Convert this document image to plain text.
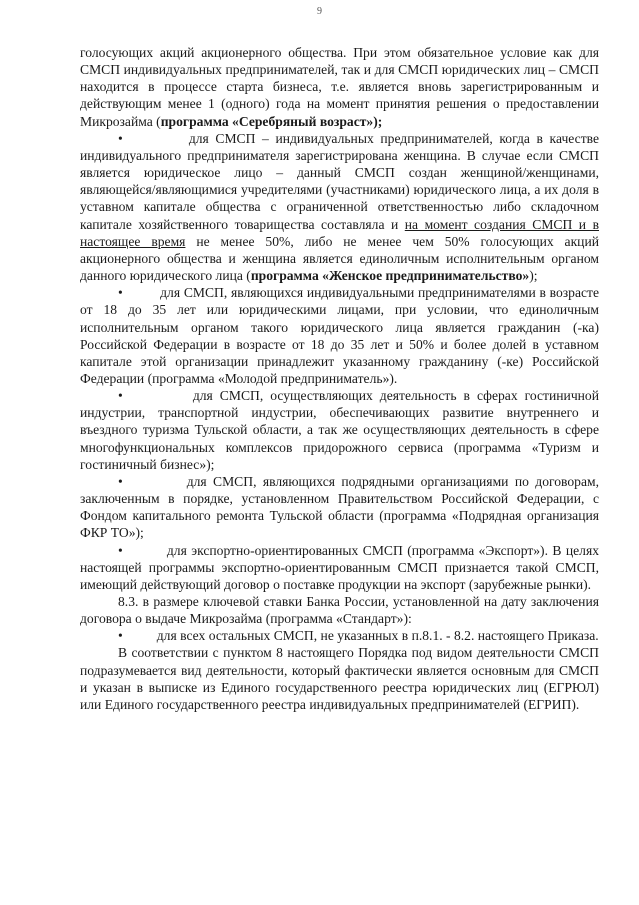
9

голосующих акций акционерного общества. При этом обязательное условие как для СМСП индивидуальных предпринимателей, так и для СМСП юридических лиц – СМСП находится в процессе старта бизнеса, т.е. является вновь зарегистрированным и действующим менее 1 (одного) года на момент принятия решения о предоставлении Микрозайма (программа «Серебряный возраст»);

•	для СМСП – индивидуальных предпринимателей, когда в качестве индивидуального предпринимателя зарегистрирована женщина. В случае если СМСП является юридическое лицо – данный СМСП создан женщиной/женщинами, являющейся/являющимися учредителями (участниками) юридического лица, а их доля в уставном капитале общества с ограниченной ответственностью либо складочном капитале хозяйственного товарищества составляла и на момент создания СМСП и в настоящее время не менее 50%, либо не менее чем 50% голосующих акций акционерного общества и женщина является единоличным исполнительным органом данного юридического лица (программа «Женское предпринимательство»);

•	для СМСП, являющихся индивидуальными предпринимателями в возрасте от 18 до 35 лет или юридическими лицами, при условии, что единоличным исполнительным органом такого юридического лица является гражданин (-ка) Российской Федерации в возрасте от 18 до 35 лет и 50% и более долей в уставном капитале этой организации принадлежит указанному гражданину (-ке) Российской Федерации (программа «Молодой предприниматель»).

•	для СМСП, осуществляющих деятельность в сферах гостиничной индустрии, транспортной индустрии, обеспечивающих развитие внутреннего и въездного туризма Тульской области, а так же осуществляющих деятельность в сфере многофункциональных комплексов придорожного сервиса (программа «Туризм и гостиничный бизнес»);

•	для СМСП, являющихся подрядными организациями по договорам, заключенным в порядке, установленном Правительством Российской Федерации, с Фондом капитального ремонта Тульской области (программа «Подрядная организация ФКР ТО»);

•	для экспортно-ориентированных СМСП (программа «Экспорт»). В целях настоящей программы экспортно-ориентированным СМСП признается такой СМСП, имеющий действующий договор о поставке продукции на экспорт (зарубежные рынки).

8.3. в размере ключевой ставки Банка России, установленной на дату заключения договора о выдаче Микрозайма (программа «Стандарт»):

• для всех остальных СМСП, не указанных в п.8.1. - 8.2. настоящего Приказа.

В соответствии с пунктом 8 настоящего Порядка под видом деятельности СМСП подразумевается вид деятельности, который фактически является основным для СМСП и указан в выписке из Единого государственного реестра юридических лиц (ЕГРЮЛ) или Единого государственного реестра индивидуальных предпринимателей (ЕГРИП).
